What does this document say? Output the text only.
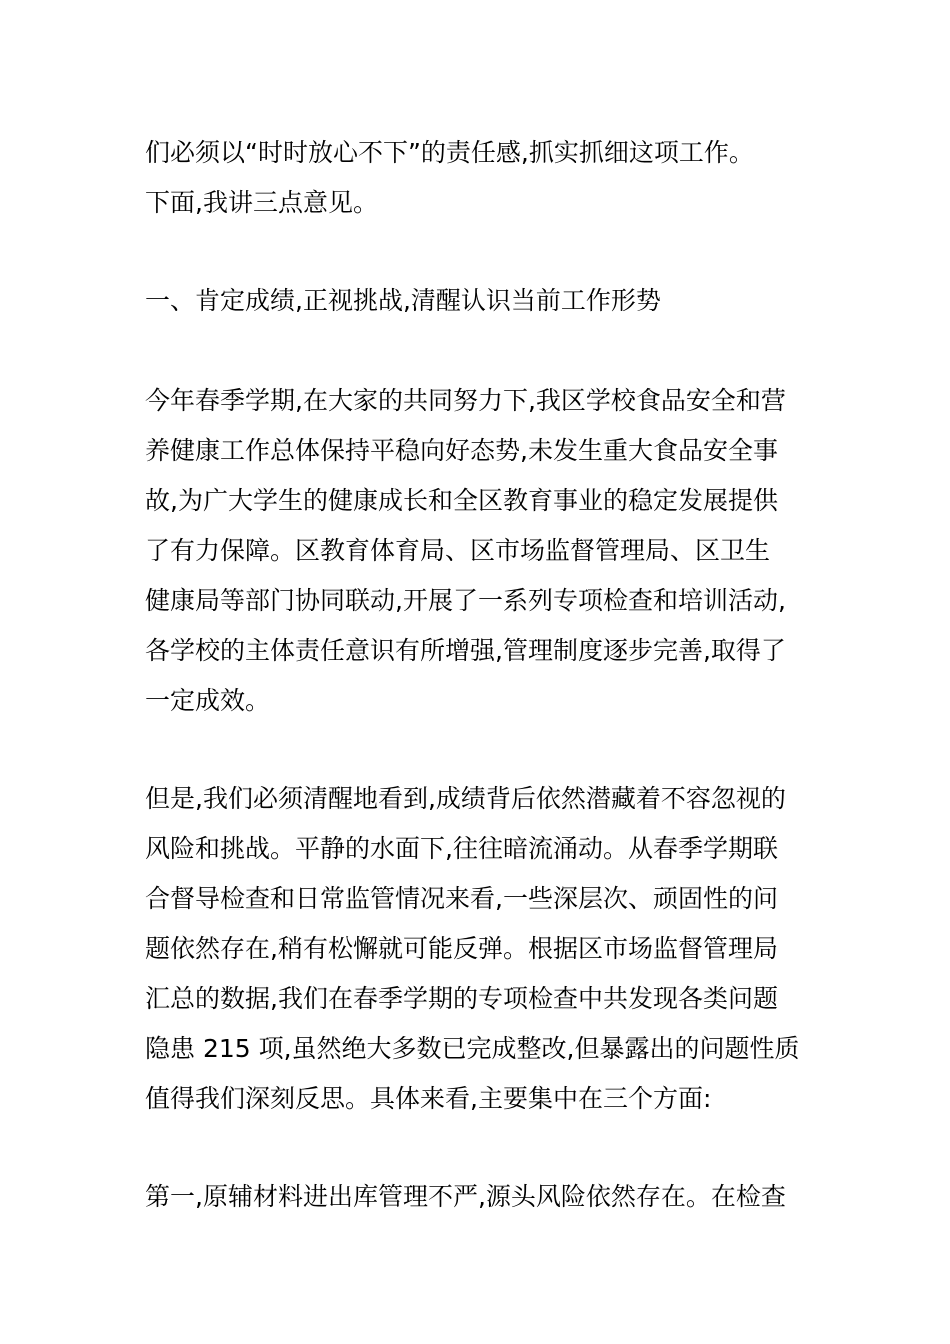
们必须以“时时放心不下”的责任感,抓实抓细这项工作。
下面,我讲三点意见。
一、肯定成绩,正视挑战,清醒认识当前工作形势
今年春季学期,在大家的共同努力下,我区学校食品安全和营
养健康工作总体保持平稳向好态势,未发生重大食品安全事
故,为广大学生的健康成长和全区教育事业的稳定发展提供
了有力保障。区教育体育局、区市场监督管理局、区卫生
健康局等部门协同联动,开展了一系列专项检查和培训活动,
各学校的主体责任意识有所增强,管理制度逐步完善,取得了
一定成效。
但是,我们必须清醒地看到,成绩背后依然潜藏着不容忽视的
风险和挑战。平静的水面下,往往暗流涌动。从春季学期联
合督导检查和日常监管情况来看,一些深层次、顽固性的问
题依然存在,稍有松懈就可能反弹。根据区市场监督管理局
汇总的数据,我们在春季学期的专项检查中共发现各类问题
隐患 215 项,虽然绝大多数已完成整改,但暴露出的问题性质
值得我们深刻反思。具体来看,主要集中在三个方面:
第一,原辅材料进出库管理不严,源头风险依然存在。在检查
